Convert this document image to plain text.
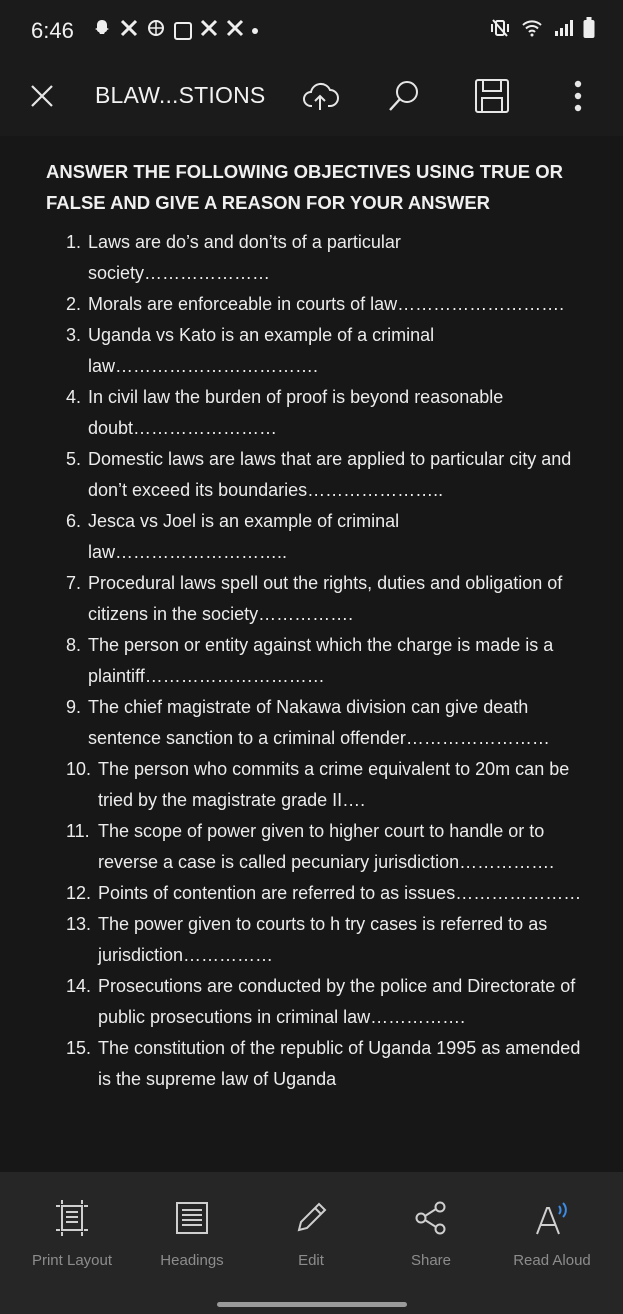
6:46
BLAW...STIONS
ANSWER THE FOLLOWING OBJECTIVES USING TRUE OR FALSE AND GIVE A REASON FOR YOUR ANSWER
1. Laws are do’s and don’ts of a particular society…………………
2. Morals are enforceable in courts of law……………………….
3. Uganda vs Kato is an example of a criminal law…………………………….
4. In civil law the burden of proof is beyond reasonable doubt……………………
5. Domestic laws are laws that are applied to particular city and don’t exceed its boundaries…………………..
6. Jesca vs Joel is an example of criminal law………………………..
7. Procedural laws spell out the rights, duties and obligation of citizens in the society…………….
8. The person or entity against which the charge is made is a plaintiff…………………………
9. The chief magistrate of Nakawa division can give death sentence sanction to a criminal offender……………………
10. The person who commits a crime equivalent to 20m can be tried by the magistrate grade II….
11. The scope of power given to higher court to handle or to reverse a case is called pecuniary jurisdiction…………….
12. Points of contention are referred to as issues…………………
13. The power given to courts to h try cases is referred to as jurisdiction……………
14. Prosecutions are conducted by the police and Directorate of public prosecutions in criminal law…………….
15. The constitution of the republic of Uganda 1995 as amended is the supreme law of Uganda
Print Layout	Headings	Edit	Share	Read Aloud
